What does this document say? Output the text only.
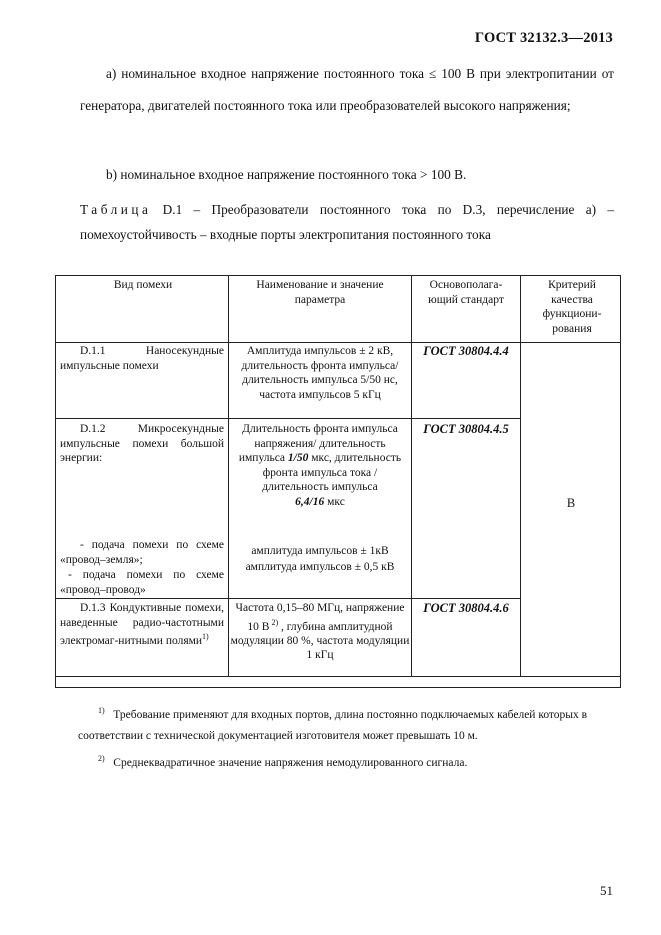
ГОСТ 32132.3—2013
а) номинальное входное напряжение постоянного тока ≤ 100 В при электропитании от генератора, двигателей постоянного тока или преобразователей высокого напряжения;
b) номинальное входное напряжение постоянного тока > 100 В.
Таблица D.1 – Преобразователи постоянного тока по D.3, перечисление а) – помехоустойчивость – входные порты электропитания постоянного тока
Вид помехи	Наименование и значение параметра
Основополага-ющий стандарт
Критерий качества функциони-рования
D.1.1 Наносекундные импульсные помехи
Амплитуда импульсов ± 2 кВ, длительность фронта импульса/длительность импульса 5/50 нс, частота импульсов 5 кГц
ГОСТ 30804.4.4
D.1.2 Микросекундные импульсные помехи большой энергии:
- подача помехи по схеме «провод–земля»;
- подача помехи по схеме «провод–провод»
Длительность фронта импульса напряжения/ длительность импульса 1/50 мкс, длительность фронта импульса тока /длительность импульса
6,4/16 мкс
амплитуда импульсов ± 1кВ
амплитуда импульсов ± 0,5 кВ
ГОСТ 30804.4.5
D.1.3 Кондуктивные помехи, наведенные радио-частотными электромаг-нитными полями$^{1)}$
Частота 0,15–80 МГц, напряжение 10 В $^{2)}$ , глубина амплитудной модуляции 80 %, частота модуляции 1 кГц
ГОСТ 30804.4.6
В
$^{1)}$ Требование применяют для входных портов, длина постоянно подключаемых кабелей которых в соответствии с технической документацией изготовителя может превышать 10 м.
$^{2)}$ Среднеквадратичное значение напряжения немодулированного сигнала.
51
